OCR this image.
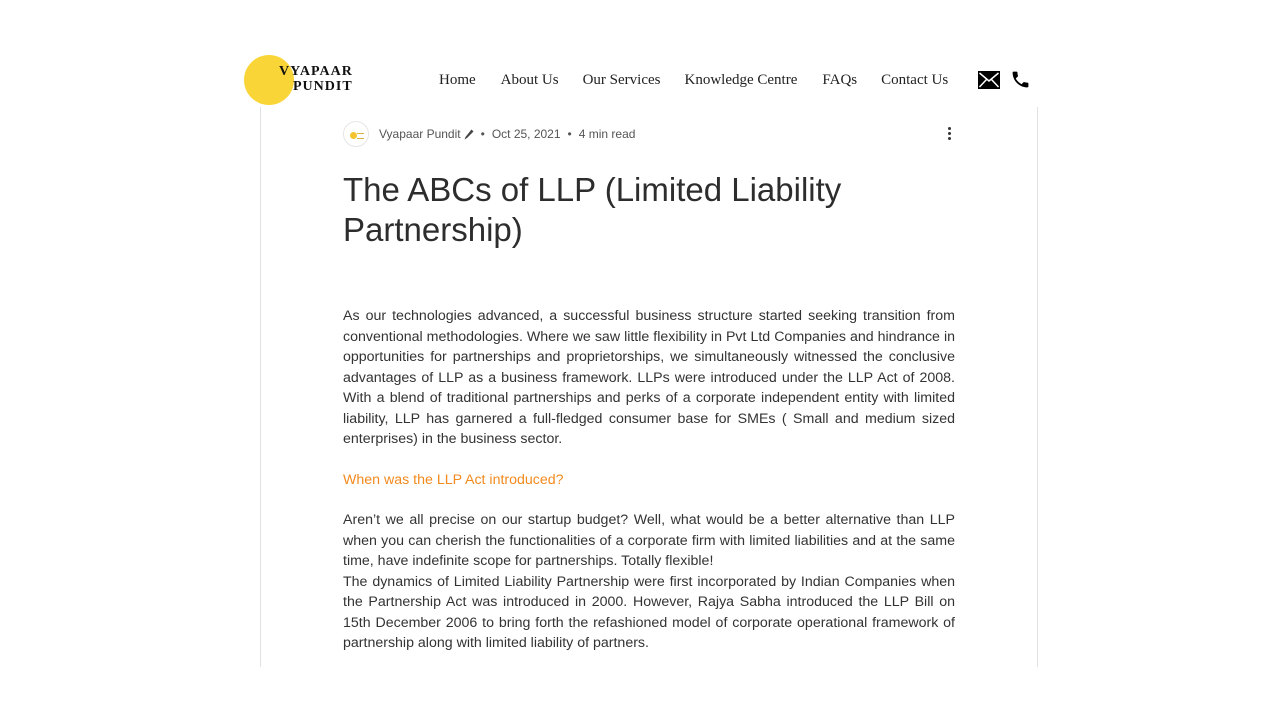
VYAPAAR
PUNDIT	Home About Us Our Services Knowledge Centre FAQs Contact Us
Vyapaar Pundit • Oct 25, 2021 • 4 min read
The ABCs of LLP (Limited Liability Partnership)

As our technologies advanced, a successful business structure started seeking transition from conventional methodologies. Where we saw little flexibility in Pvt Ltd Companies and hindrance in opportunities for partnerships and proprietorships, we simultaneously witnessed the conclusive advantages of LLP as a business framework. LLPs were introduced under the LLP Act of 2008. With a blend of traditional partnerships and perks of a corporate independent entity with limited liability, LLP has garnered a full-fledged consumer base for SMEs ( Small and medium sized enterprises) in the business sector.

When was the LLP Act introduced?

Aren’t we all precise on our startup budget? Well, what would be a better alternative than LLP when you can cherish the functionalities of a corporate firm with limited liabilities and at the same time, have indefinite scope for partnerships. Totally flexible!

The dynamics of Limited Liability Partnership were first incorporated by Indian Companies when the Partnership Act was introduced in 2000. However, Rajya Sabha introduced the LLP Bill on 15th December 2006 to bring forth the refashioned model of corporate operational framework of partnership along with limited liability of partners.
